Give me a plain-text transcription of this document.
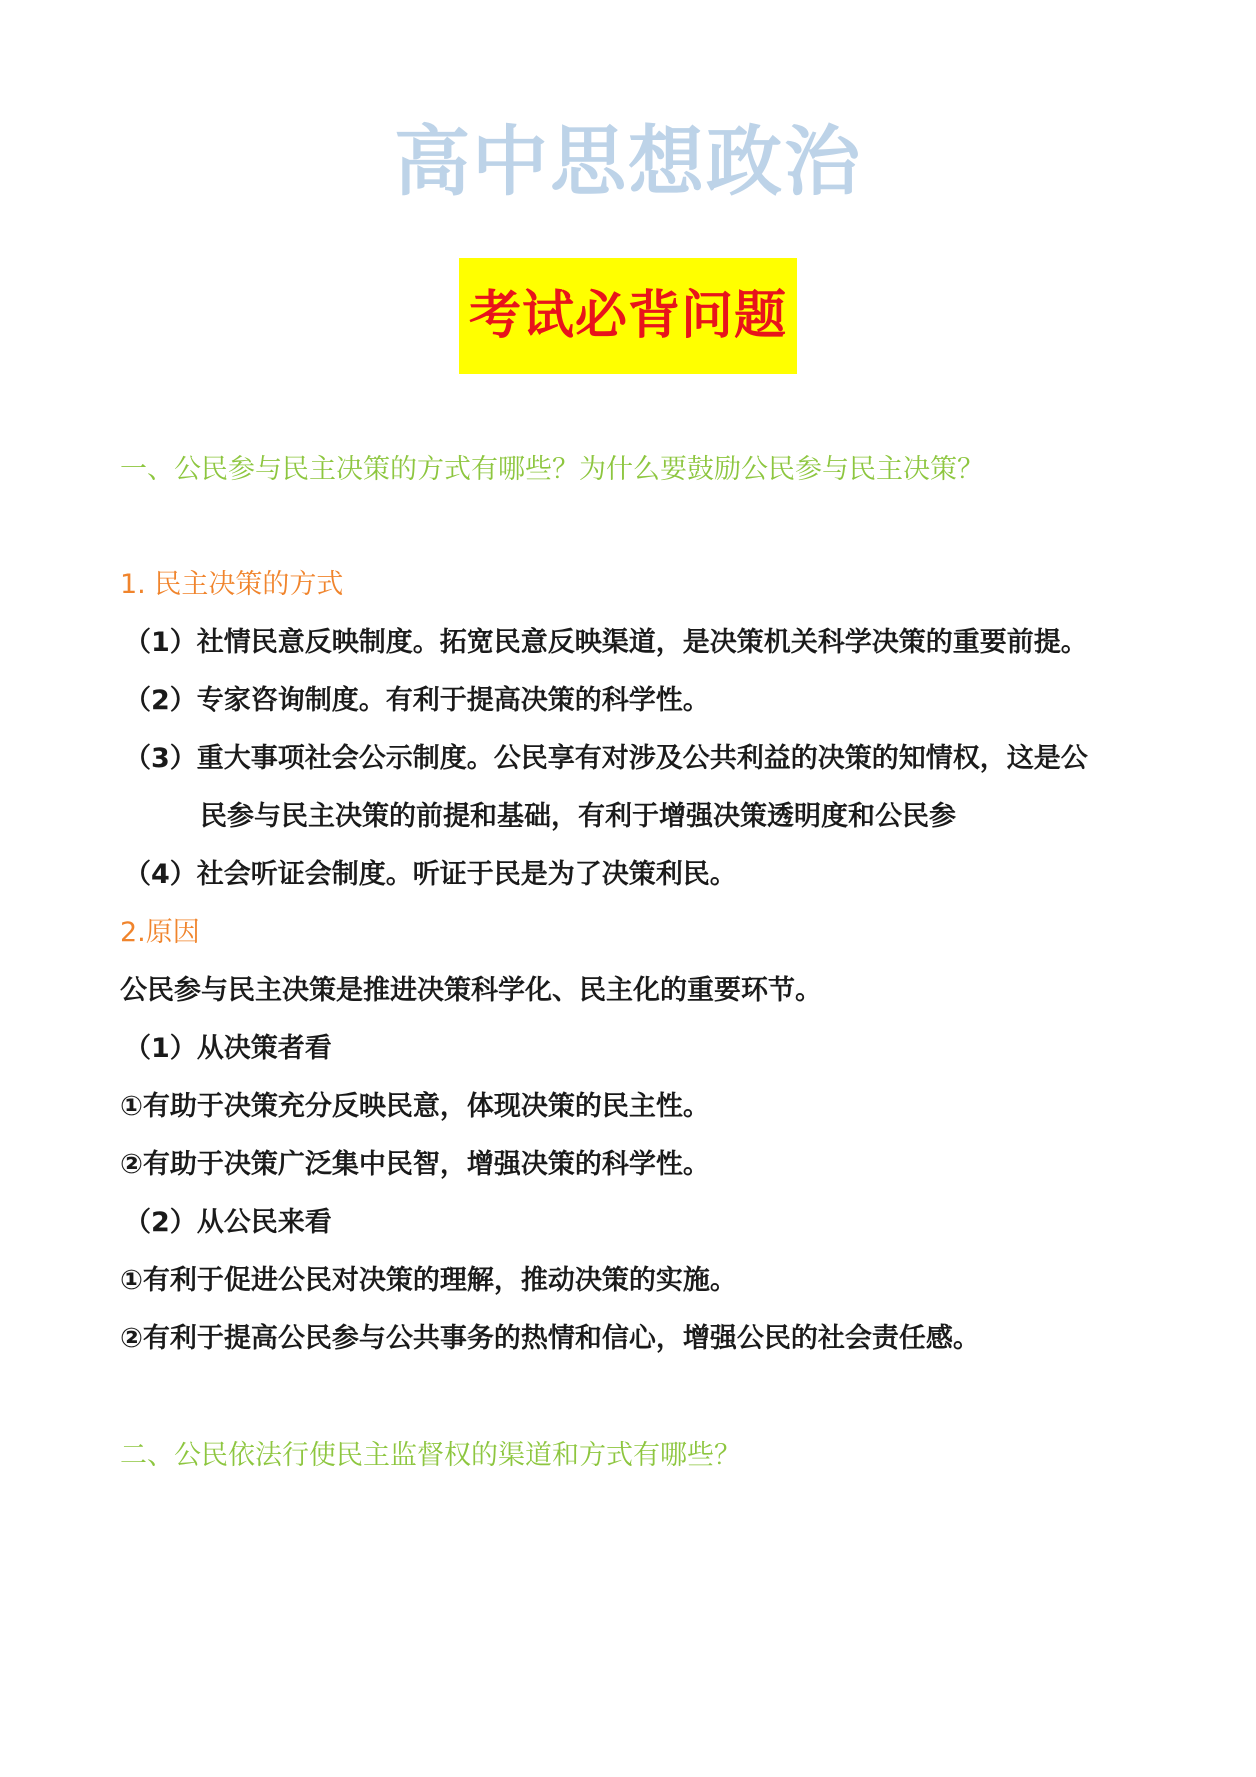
高中思想政治
考试必背问题
一、公民参与民主决策的方式有哪些？为什么要鼓励公民参与民主决策？
1. 民主决策的方式
（1）社情民意反映制度。拓宽民意反映渠道，是决策机关科学决策的重要前提。
（2）专家咨询制度。有利于提高决策的科学性。
（3）重大事项社会公示制度。公民享有对涉及公共利益的决策的知情权，这是公
民参与民主决策的前提和基础，有利于增强决策透明度和公民参
（4）社会听证会制度。听证于民是为了决策利民。
2.原因
公民参与民主决策是推进决策科学化、民主化的重要环节。
（1）从决策者看
①有助于决策充分反映民意，体现决策的民主性。
②有助于决策广泛集中民智，增强决策的科学性。
（2）从公民来看
①有利于促进公民对决策的理解，推动决策的实施。
②有利于提高公民参与公共事务的热情和信心，增强公民的社会责任感。
二、公民依法行使民主监督权的渠道和方式有哪些？
